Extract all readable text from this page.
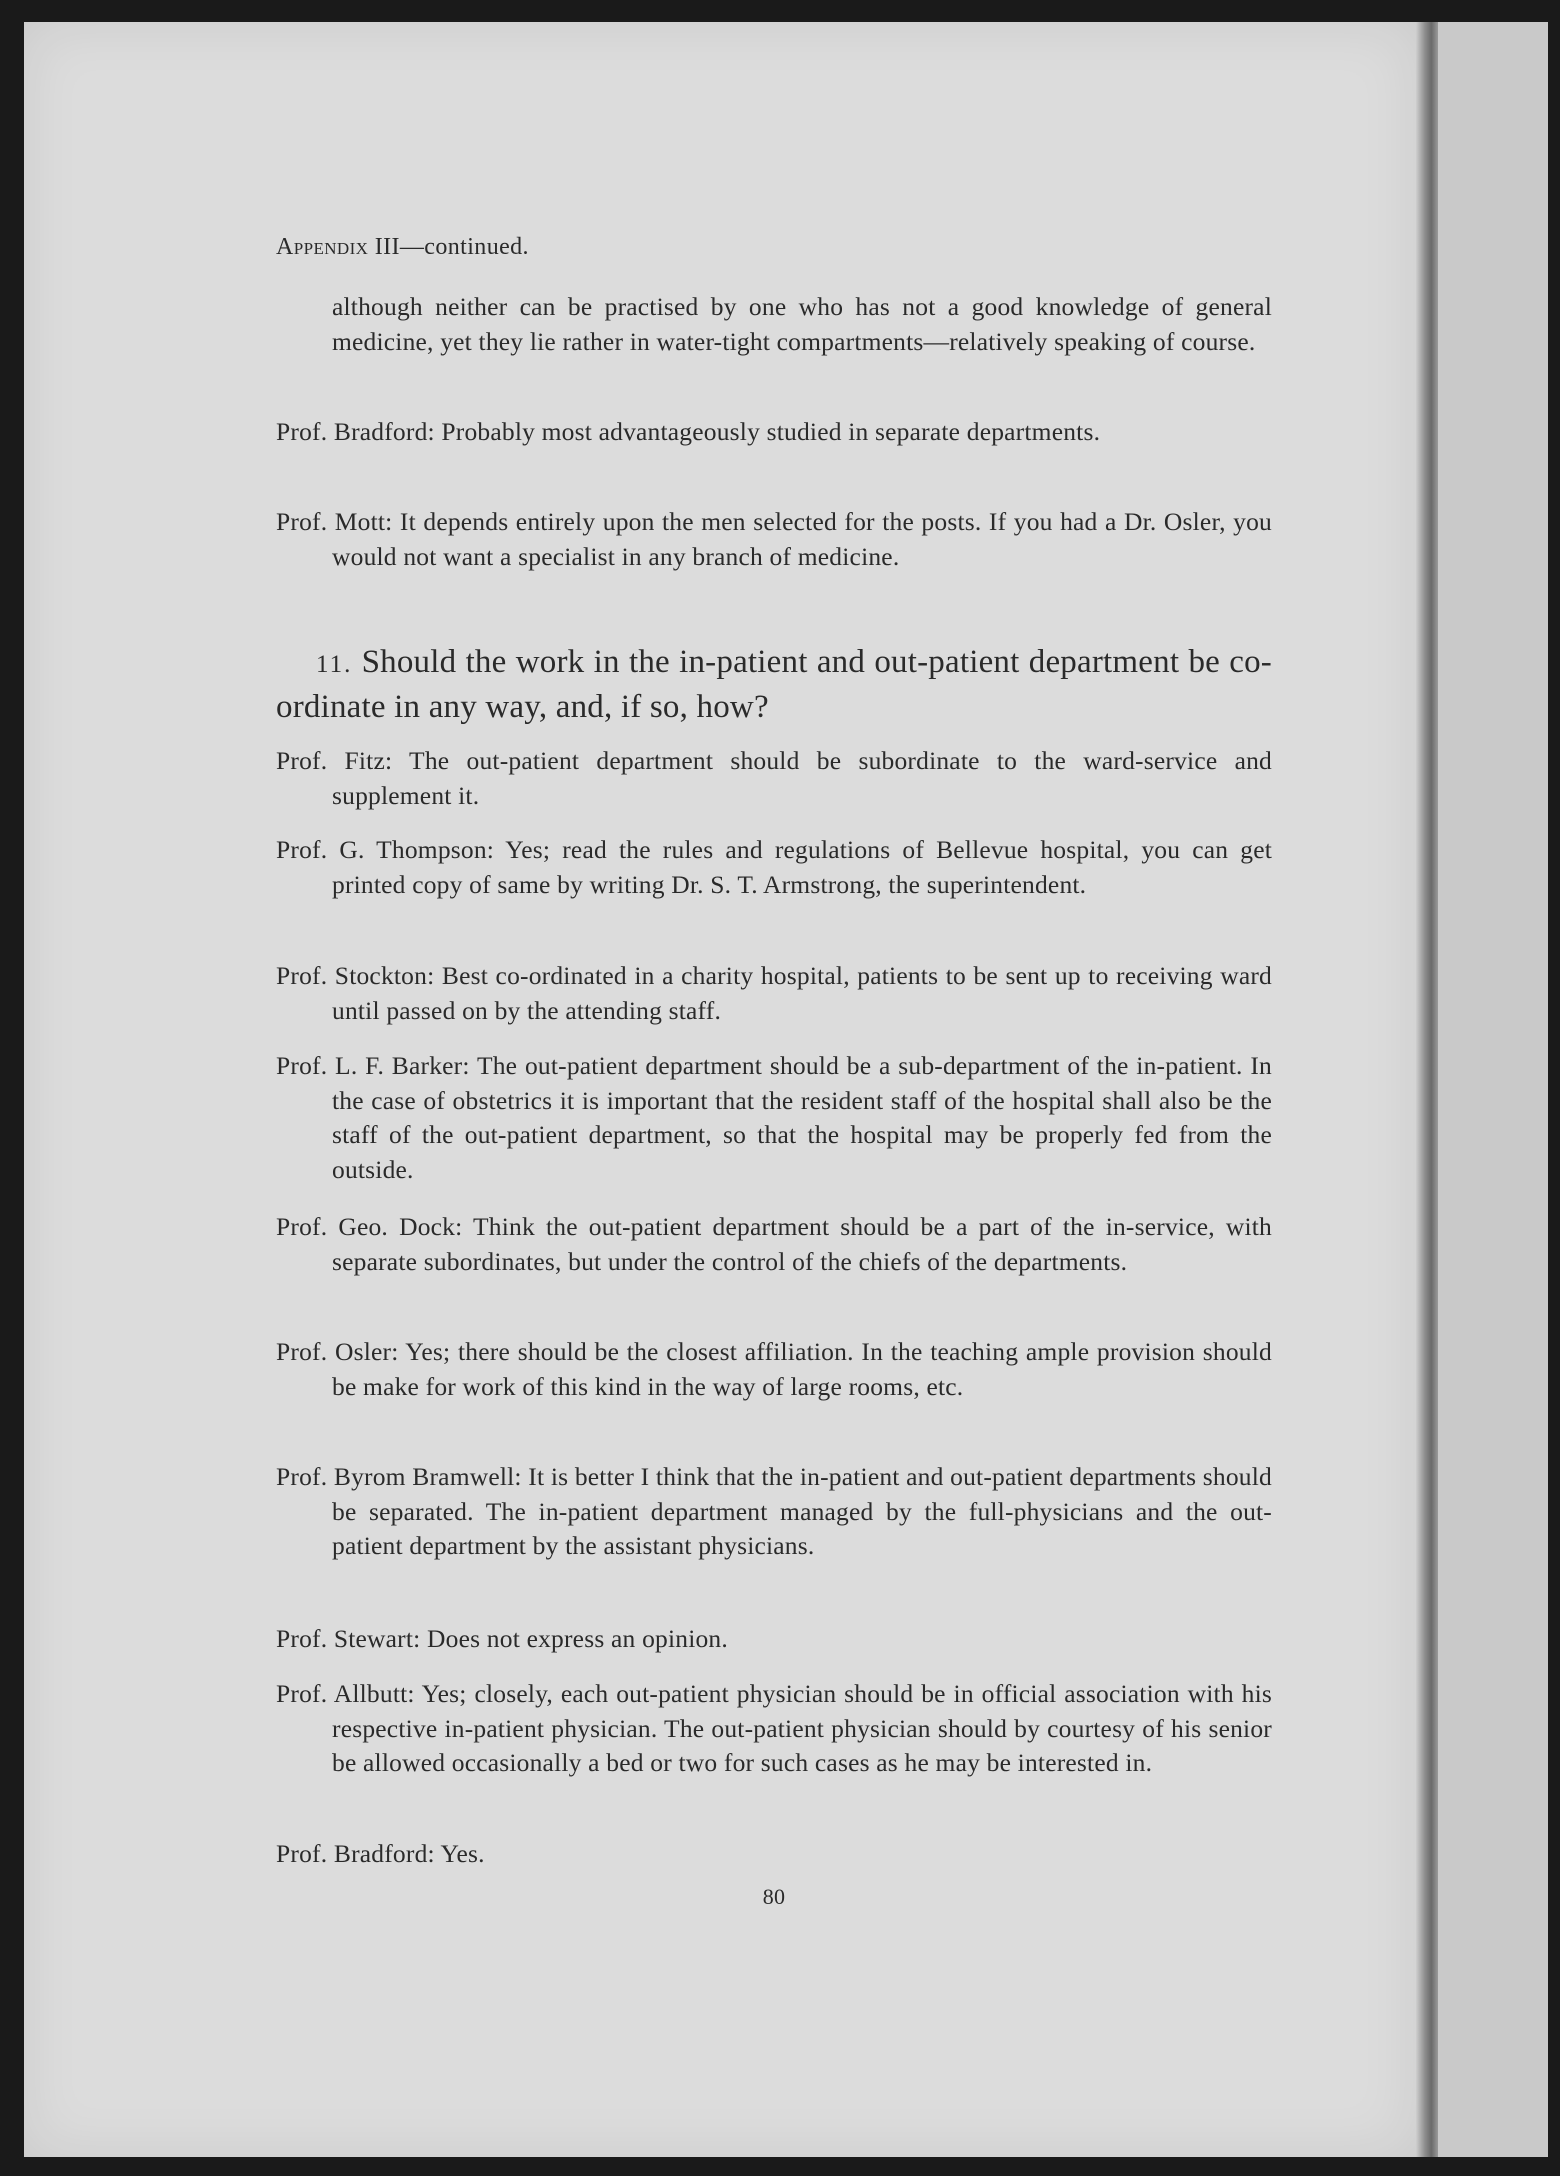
Appendix III—continued.
although neither can be practised by one who has not a good knowledge of general medicine, yet they lie rather in water-tight compartments—relatively speaking of course.
Prof. Bradford: Probably most advantageously studied in separate departments.
Prof. Mott: It depends entirely upon the men selected for the posts. If you had a Dr. Osler, you would not want a specialist in any branch of medicine.
11. Should the work in the in-patient and out-patient department be co-ordinate in any way, and, if so, how?
Prof. Fitz: The out-patient department should be subordinate to the ward-service and supplement it.
Prof. G. Thompson: Yes; read the rules and regulations of Bellevue hospital, you can get printed copy of same by writing Dr. S. T. Armstrong, the superintendent.
Prof. Stockton: Best co-ordinated in a charity hospital, patients to be sent up to receiving ward until passed on by the attending staff.
Prof. L. F. Barker: The out-patient department should be a sub-department of the in-patient. In the case of obstetrics it is important that the resident staff of the hospital shall also be the staff of the out-patient department, so that the hospital may be properly fed from the outside.
Prof. Geo. Dock: Think the out-patient department should be a part of the in-service, with separate subordinates, but under the control of the chiefs of the departments.
Prof. Osler: Yes; there should be the closest affiliation. In the teaching ample provision should be make for work of this kind in the way of large rooms, etc.
Prof. Byrom Bramwell: It is better I think that the in-patient and out-patient departments should be separated. The in-patient department managed by the full-physicians and the out-patient department by the assistant physicians.
Prof. Stewart: Does not express an opinion.
Prof. Allbutt: Yes; closely, each out-patient physician should be in official association with his respective in-patient physician. The out-patient physician should by courtesy of his senior be allowed occasionally a bed or two for such cases as he may be interested in.
Prof. Bradford: Yes.
80
